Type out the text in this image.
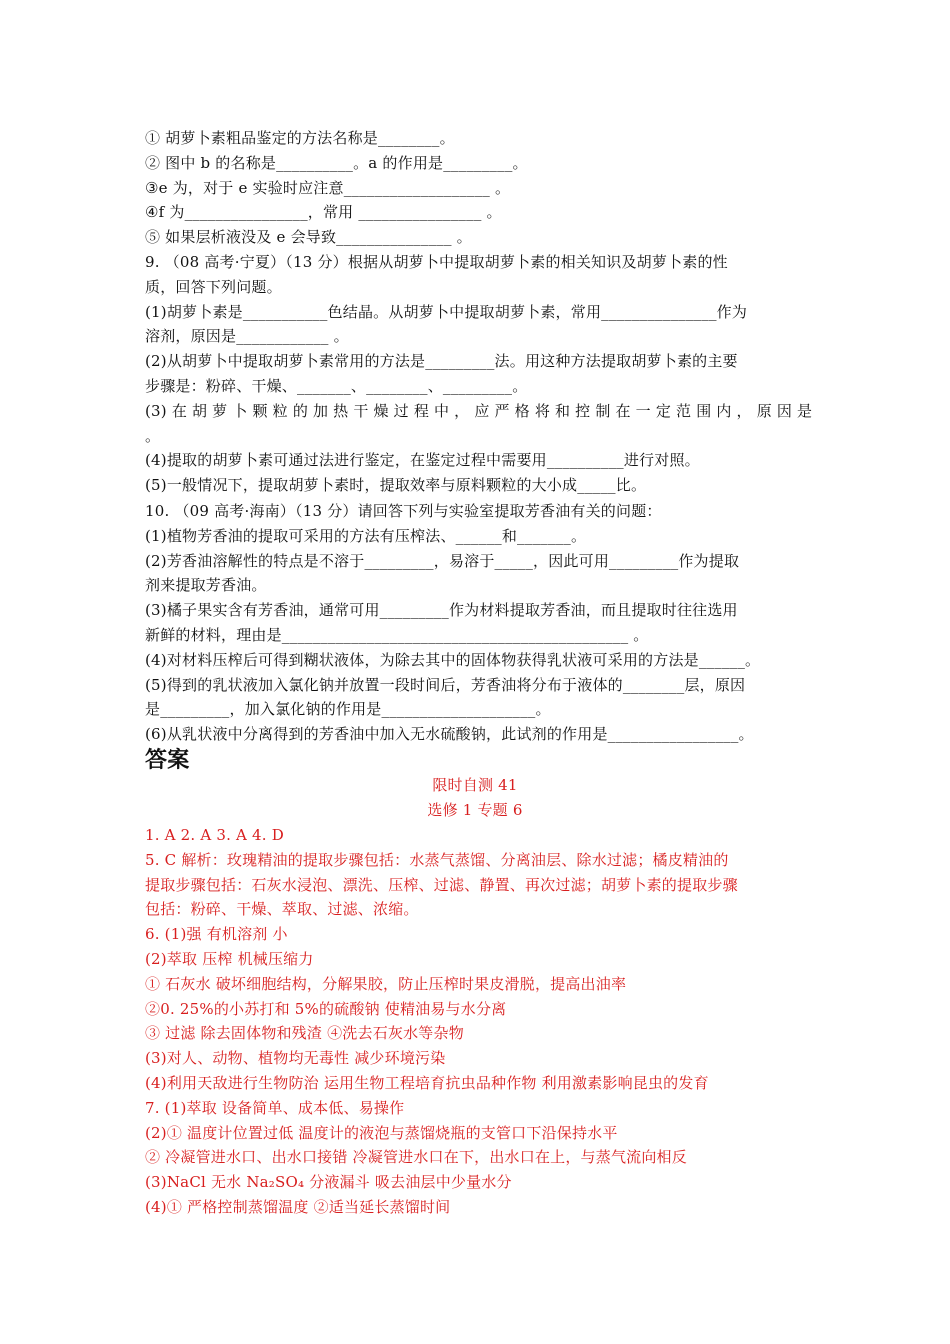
① 胡萝卜素粗品鉴定的方法名称是________。
② 图中 b 的名称是__________。a 的作用是_________。
③e 为，对于 e 实验时应注意___________________ 。
④f 为________________，常用 ________________ 。
⑤ 如果层析液没及 e 会导致_______________ 。
9. （08 高考·宁夏）（13 分）根据从胡萝卜中提取胡萝卜素的相关知识及胡萝卜素的性
质，回答下列问题。
(1)胡萝卜素是___________色结晶。从胡萝卜中提取胡萝卜素，常用_______________作为
溶剂，原因是____________ 。
(2)从胡萝卜中提取胡萝卜素常用的方法是_________法。用这种方法提取胡萝卜素的主要
步骤是：粉碎、干燥、_______、________、_________。
(3) 在 胡 萝 卜 颗 粒 的 加 热 干 燥 过 程 中 ， 应 严 格 将 和 控 制 在 一 定 范 围 内 ， 原 因 是
。
(4)提取的胡萝卜素可通过法进行鉴定，在鉴定过程中需要用__________进行对照。
(5)一般情况下，提取胡萝卜素时，提取效率与原料颗粒的大小成_____比。
10. （09 高考·海南）（13 分）请回答下列与实验室提取芳香油有关的问题：
(1)植物芳香油的提取可采用的方法有压榨法、______和_______。
(2)芳香油溶解性的特点是不溶于_________，易溶于_____，因此可用_________作为提取
剂来提取芳香油。
(3)橘子果实含有芳香油，通常可用_________作为材料提取芳香油，而且提取时往往选用
新鲜的材料，理由是_____________________________________________ 。
(4)对材料压榨后可得到糊状液体，为除去其中的固体物获得乳状液可采用的方法是______。
(5)得到的乳状液加入氯化钠并放置一段时间后，芳香油将分布于液体的________层，原因
是_________，加入氯化钠的作用是____________________。
(6)从乳状液中分离得到的芳香油中加入无水硫酸钠，此试剂的作用是_________________。
答案
限时自测 41
选修 1 专题 6
1. A 2. A 3. A 4. D
5. C 解析：玫瑰精油的提取步骤包括：水蒸气蒸馏、分离油层、除水过滤；橘皮精油的
提取步骤包括：石灰水浸泡、漂洗、压榨、过滤、静置、再次过滤；胡萝卜素的提取步骤
包括：粉碎、干燥、萃取、过滤、浓缩。
6. (1)强 有机溶剂 小
(2)萃取 压榨 机械压缩力
① 石灰水 破坏细胞结构，分解果胶，防止压榨时果皮滑脱，提高出油率
②0. 25%的小苏打和 5%的硫酸钠 使精油易与水分离
③ 过滤 除去固体物和残渣 ④洗去石灰水等杂物
(3)对人、动物、植物均无毒性 减少环境污染
(4)利用天敌进行生物防治 运用生物工程培育抗虫品种作物 利用激素影响昆虫的发育
7. (1)萃取 设备简单、成本低、易操作
(2)① 温度计位置过低 温度计的液泡与蒸馏烧瓶的支管口下沿保持水平
② 冷凝管进水口、出水口接错 冷凝管进水口在下，出水口在上，与蒸气流向相反
(3)NaCl 无水 Na₂SO₄ 分液漏斗 吸去油层中少量水分
(4)① 严格控制蒸馏温度 ②适当延长蒸馏时间
